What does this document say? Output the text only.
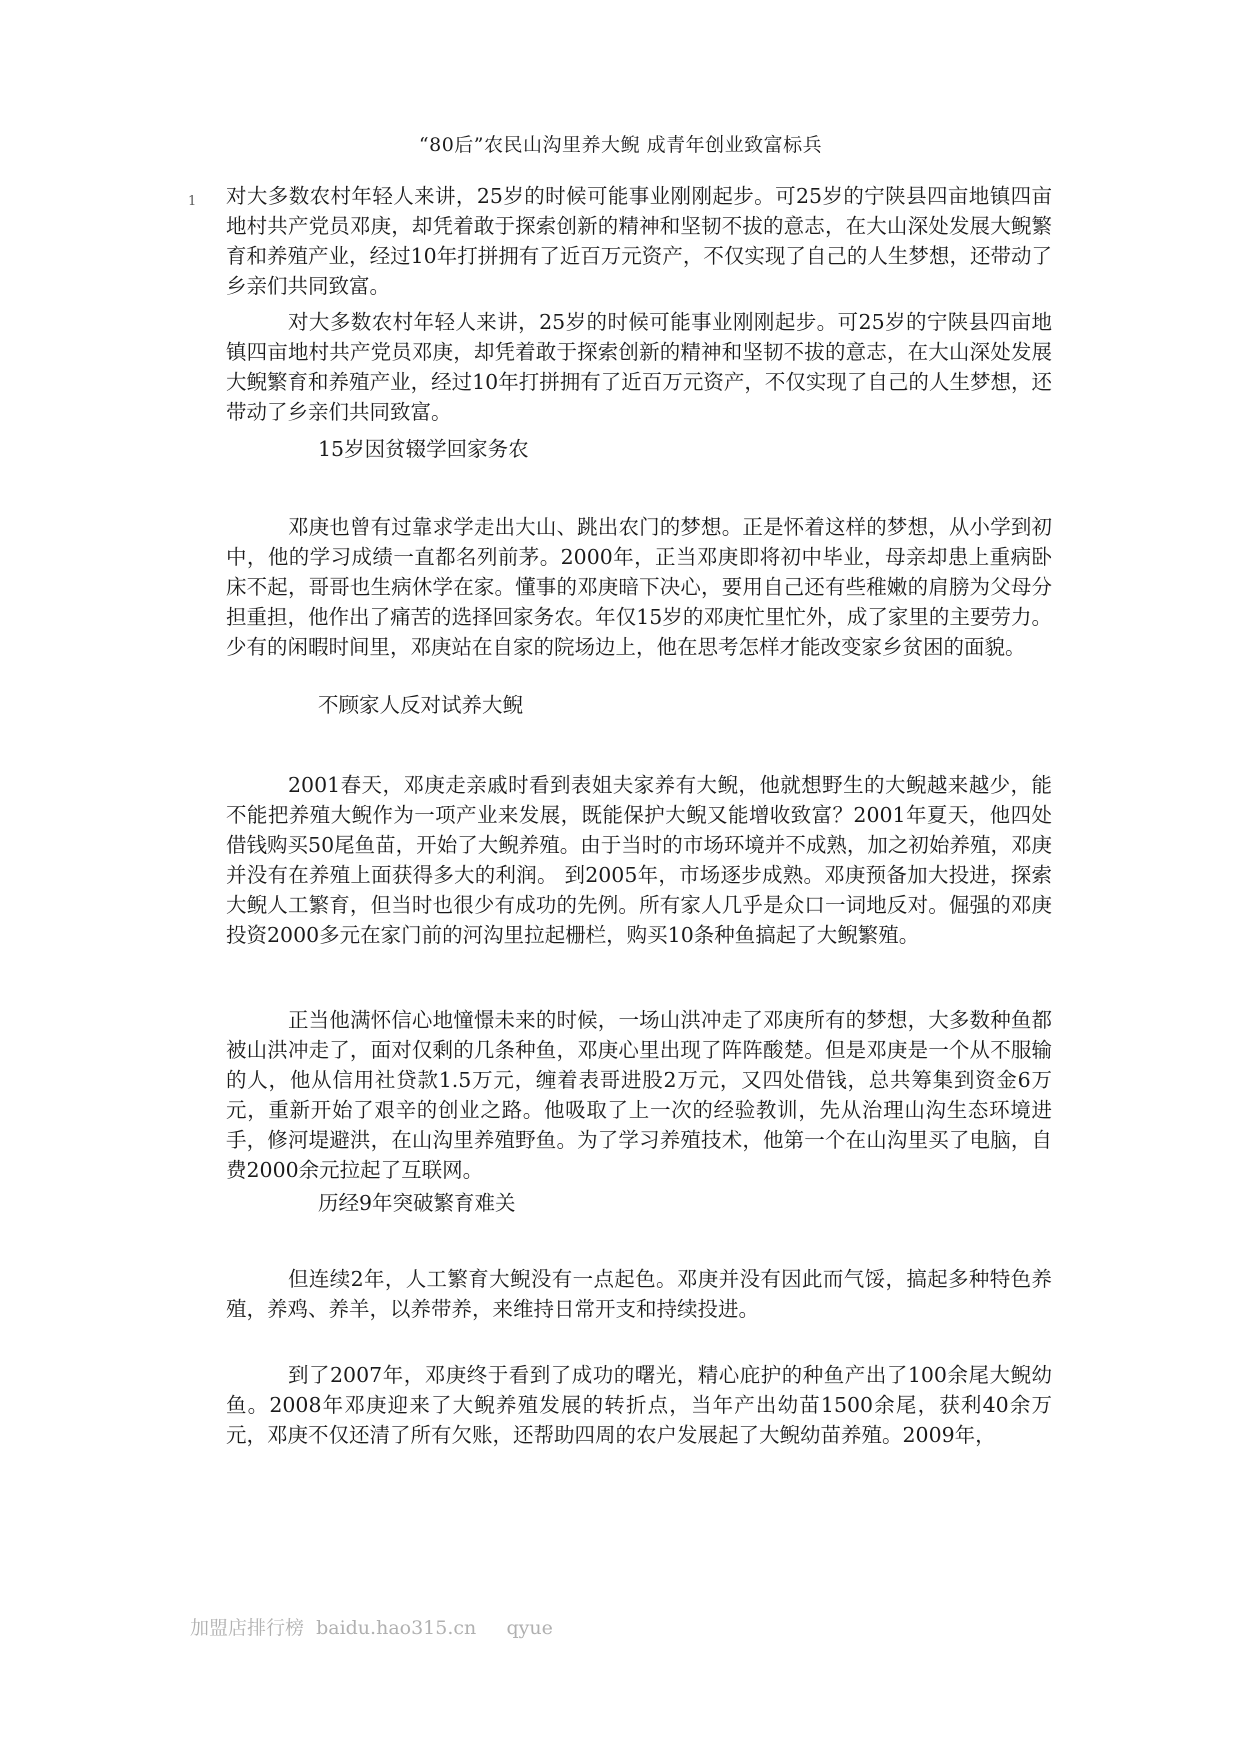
“80后”农民山沟里养大鲵 成青年创业致富标兵
1 对大多数农村年轻人来讲，25岁的时候可能事业刚刚起步。可25岁的宁陕县四亩地镇四亩地村共产党员邓庚，却凭着敢于探索创新的精神和坚韧不拔的意志，在大山深处发展大鲵繁育和养殖产业，经过10年打拼拥有了近百万元资产，不仅实现了自己的人生梦想，还带动了乡亲们共同致富。
对大多数农村年轻人来讲，25岁的时候可能事业刚刚起步。可25岁的宁陕县四亩地镇四亩地村共产党员邓庚，却凭着敢于探索创新的精神和坚韧不拔的意志，在大山深处发展大鲵繁育和养殖产业，经过10年打拼拥有了近百万元资产，不仅实现了自己的人生梦想，还带动了乡亲们共同致富。
15岁因贫辍学回家务农
邓庚也曾有过靠求学走出大山、跳出农门的梦想。正是怀着这样的梦想，从小学到初中，他的学习成绩一直都名列前茅。2000年，正当邓庚即将初中毕业，母亲却患上重病卧床不起，哥哥也生病休学在家。懂事的邓庚暗下决心，要用自己还有些稚嫩的肩膀为父母分担重担，他作出了痛苦的选择回家务农。年仅15岁的邓庚忙里忙外，成了家里的主要劳力。少有的闲暇时间里，邓庚站在自家的院场边上，他在思考怎样才能改变家乡贫困的面貌。
不顾家人反对试养大鲵
2001春天，邓庚走亲戚时看到表姐夫家养有大鲵，他就想野生的大鲵越来越少，能不能把养殖大鲵作为一项产业来发展，既能保护大鲵又能增收致富？2001年夏天，他四处借钱购买50尾鱼苗，开始了大鲵养殖。由于当时的市场环境并不成熟，加之初始养殖，邓庚并没有在养殖上面获得多大的利润。 到2005年，市场逐步成熟。邓庚预备加大投进，探索大鲵人工繁育，但当时也很少有成功的先例。所有家人几乎是众口一词地反对。倔强的邓庚投资2000多元在家门前的河沟里拉起栅栏，购买10条种鱼搞起了大鲵繁殖。
正当他满怀信心地憧憬未来的时候，一场山洪冲走了邓庚所有的梦想，大多数种鱼都被山洪冲走了，面对仅剩的几条种鱼，邓庚心里出现了阵阵酸楚。但是邓庚是一个从不服输的人，他从信用社贷款1.5万元，缠着表哥进股2万元，又四处借钱，总共筹集到资金6万元，重新开始了艰辛的创业之路。他吸取了上一次的经验教训，先从治理山沟生态环境进手，修河堤避洪，在山沟里养殖野鱼。为了学习养殖技术，他第一个在山沟里买了电脑，自费2000余元拉起了互联网。
历经9年突破繁育难关
但连续2年，人工繁育大鲵没有一点起色。邓庚并没有因此而气馁，搞起多种特色养殖，养鸡、养羊，以养带养，来维持日常开支和持续投进。
到了2007年，邓庚终于看到了成功的曙光，精心庇护的种鱼产出了100余尾大鲵幼鱼。2008年邓庚迎来了大鲵养殖发展的转折点，当年产出幼苗1500余尾，获利40余万元，邓庚不仅还清了所有欠账，还帮助四周的农户发展起了大鲵幼苗养殖。2009年，
加盟店排行榜  baidu.hao315.cn     qyue
